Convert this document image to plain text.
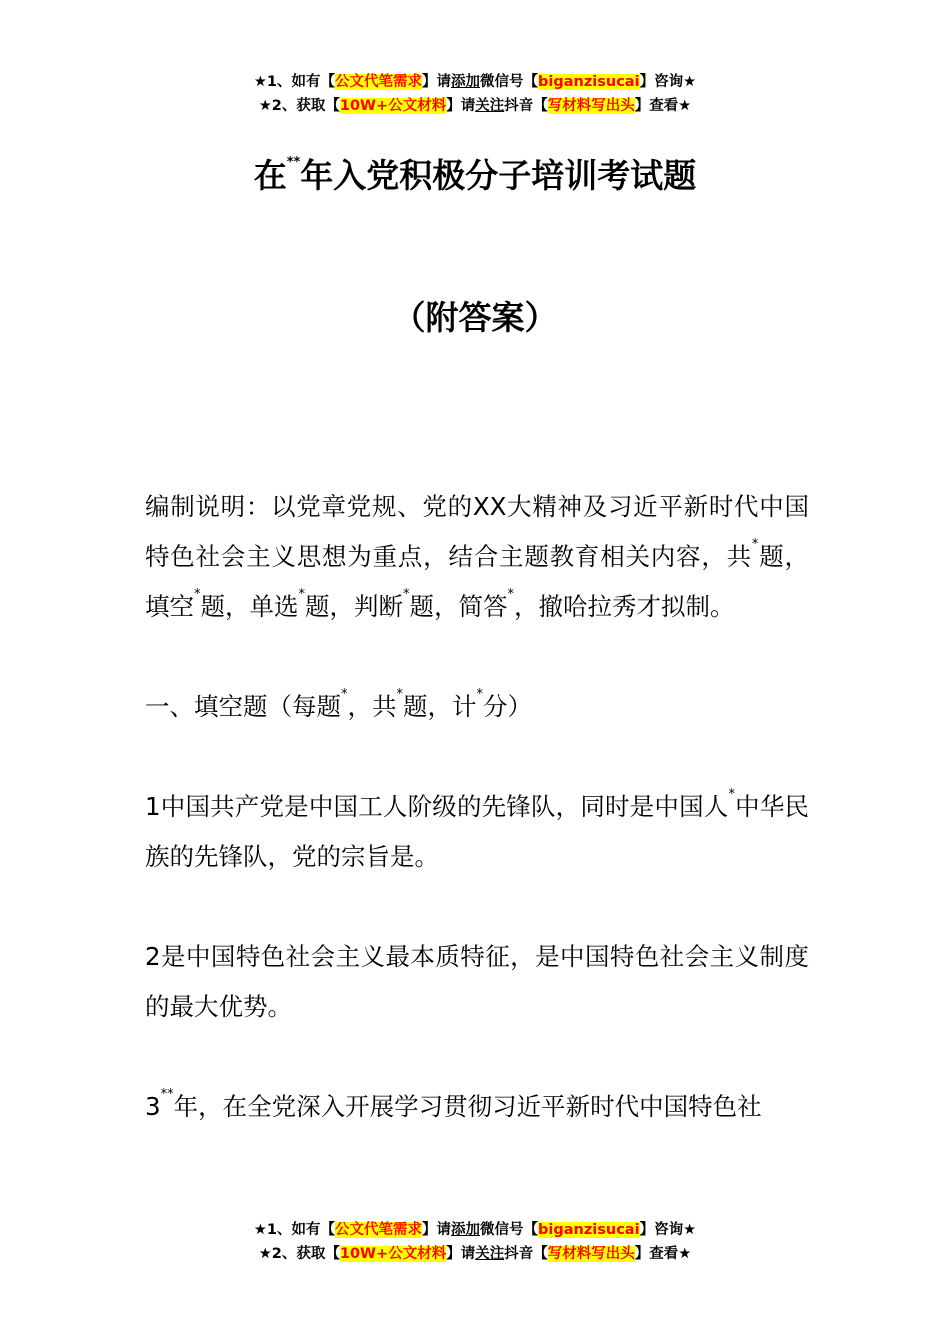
★1、如有【公文代笔需求】请添加微信号【biganzisucai】咨询★
★2、获取【10W+公文材料】请关注抖音【写材料写出头】查看★
在**年入党积极分子培训考试题
（附答案）

编制说明：以党章党规、党的XX大精神及习近平新时代中国特色社会主义思想为重点，结合主题教育相关内容，共*题，填空*题，单选*题，判断*题，简答*，撤哈拉秀才拟制。

一、填空题（每题*，共*题，计*分）

1中国共产党是中国工人阶级的先锋队，同时是中国人*中华民族的先锋队，党的宗旨是。

2是中国特色社会主义最本质特征，是中国特色社会主义制度的最大优势。

3**年，在全党深入开展学习贯彻习近平新时代中国特色社

★1、如有【公文代笔需求】请添加微信号【biganzisucai】咨询★
★2、获取【10W+公文材料】请关注抖音【写材料写出头】查看★
